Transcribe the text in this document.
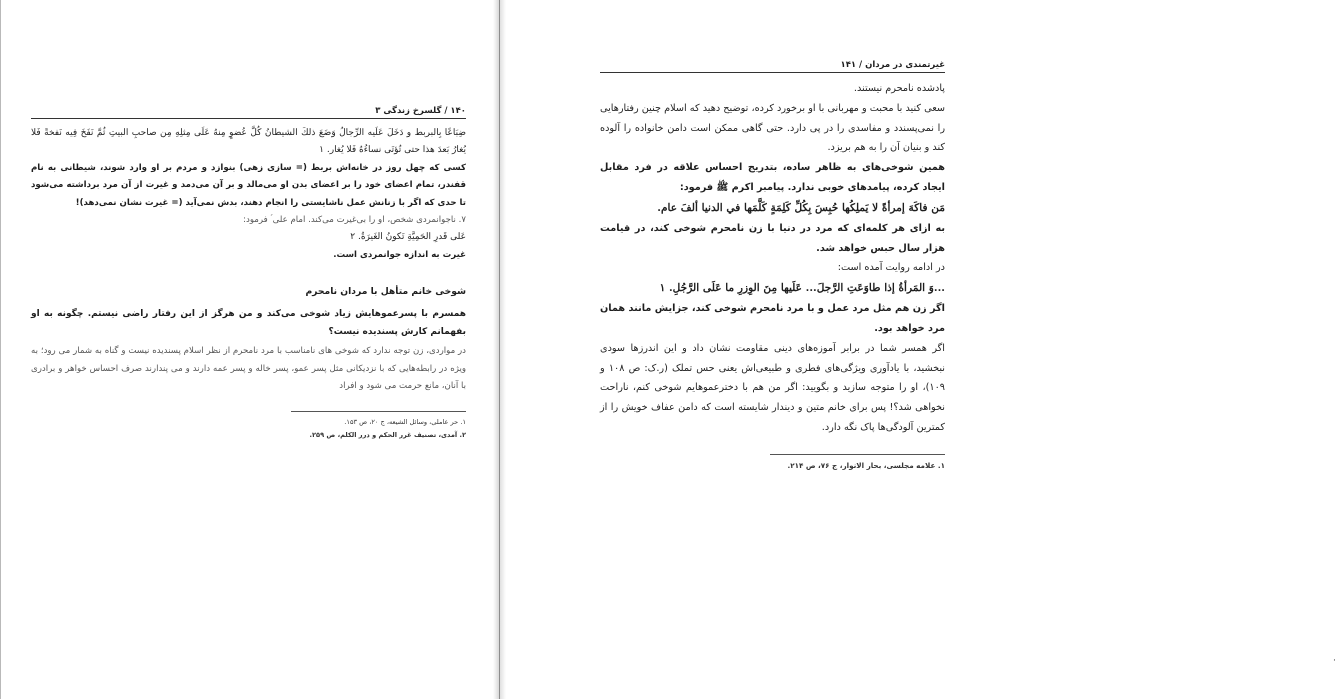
۱۴۰ / گلسرخ زندگی ۳

ضِبَاعًا بِالبربط و دَخَلَ عَلَيه الرِّجالُ وَضَعَ ذلكَ الشيطانُ كُلَّ عُضوٍ مِنهُ عَلَى مِثلِهِ مِن صاحبِ البيتِ ثُمَّ نَفَخَ فِيه نَفخةً فَلا يُغارُ بَعدَ هذا حتى تُؤتَى نساءُهُ فَلا يُغار. ۱

کسی که چهل روز در خانه‌اش بربط (= سازی زهی) بنوازد و مردم بر او وارد شوند، شیطانی به نام قفندر، تمام اعضای خود را بر اعضای بدن او می‌مالد و بر آن می‌دمد و غیرت از آن مرد برداشته می‌شود تا حدی که اگر با زنانش عمل ناشایستی را انجام دهند، بدش نمی‌آید (= غیرت نشان نمی‌دهد)!

۷. ناجوانمردی شخص، او را بی‌غیرت می‌کند. امام علی ؑ فرمود:

عَلی قَدرِ الحَمِيَّةِ تَكونُ الغَيرَةُ. ۲

غیرت به اندازه جوانمردی است.

شوخی خانم متأهل با مردان نامحرم

همسرم با پسرعموهایش زیاد شوخی می‌کند و من هرگز از این رفتار راضی نیستم. چگونه به او بفهمانم کارش پسندیده نیست؟

در مواردی، زن توجه ندارد که شوخی های نامناسب با مرد نامحرم از نظر اسلام پسندیده نیست و گناه به شمار می رود؛ به ویژه در رابطه‌هایی که با نزدیکانی مثل پسر عمو، پسر خاله و پسر عمه دارند و می پندارند صرف احساس خواهر و برادری با آنان، مانع حرمت می شود و افراد

۱. حر عاملی، وسائل الشیعه، ج ۲۰، ص ۱۵۳.

۲. آمدی، تصنیف غرر الحکم و درر الکلم، ص ۲۵۹.

غیرتمندی در مردان / ۱۴۱

پادشده نامحرم نیستند.

سعی کنید با محبت و مهربانی با او برخورد کرده، توضیح دهید که اسلام چنین رفتارهایی را نمی‌پسندد و مفاسدی را در پی دارد. حتی گاهی ممکن است دامن خانواده را آلوده کند و بنیان آن را به هم بریزد.

همین شوخی‌های به ظاهر ساده، بتدریج احساس علاقه در فرد مقابل ایجاد کرده، پیامدهای خوبی ندارد. پیامبر اکرم ﷺ فرمود:

مَن فاكَهَ إمرأةً لا يَملِكُها حُبِسَ بِكُلِّ كَلِمَةٍ كَلَّمَها في الدنيا ألفَ عام.

به ازای هر کلمه‌ای که مرد در دنیا با زن نامحرم شوخی کند، در قیامت هزار سال حبس خواهد شد.

در ادامه روایت آمده است:

...وَ المَرأةُ إذا طاوَعَتِ الرَّجلَ... عَلَيها مِنَ الوِزرِ ما عَلَى الرَّجُلِ. ۱

اگر زن هم مثل مرد عمل و با مرد نامحرم شوخی کند، جزایش مانند همان مرد خواهد بود.

اگر همسر شما در برابر آموزه‌های دینی مقاومت نشان داد و این اندرزها سودی نبخشید، با یادآوری ویژگی‌های فطری و طبیعی‌اش یعنی حس تملک (ر.ک: ص ۱۰۸ و ۱۰۹)، او را متوجه سازید و بگویید: اگر من هم با دخترعموهایم شوخی کنم، ناراحت نخواهی شد؟! پس برای خانم متین و دیندار شایسته است که دامن عفاف خویش را از کمترین آلودگی‌ها پاک نگه دارد.

۱. علامه مجلسی، بحار الانوار، ج ۷۶، ص ۲۱۴.

·
